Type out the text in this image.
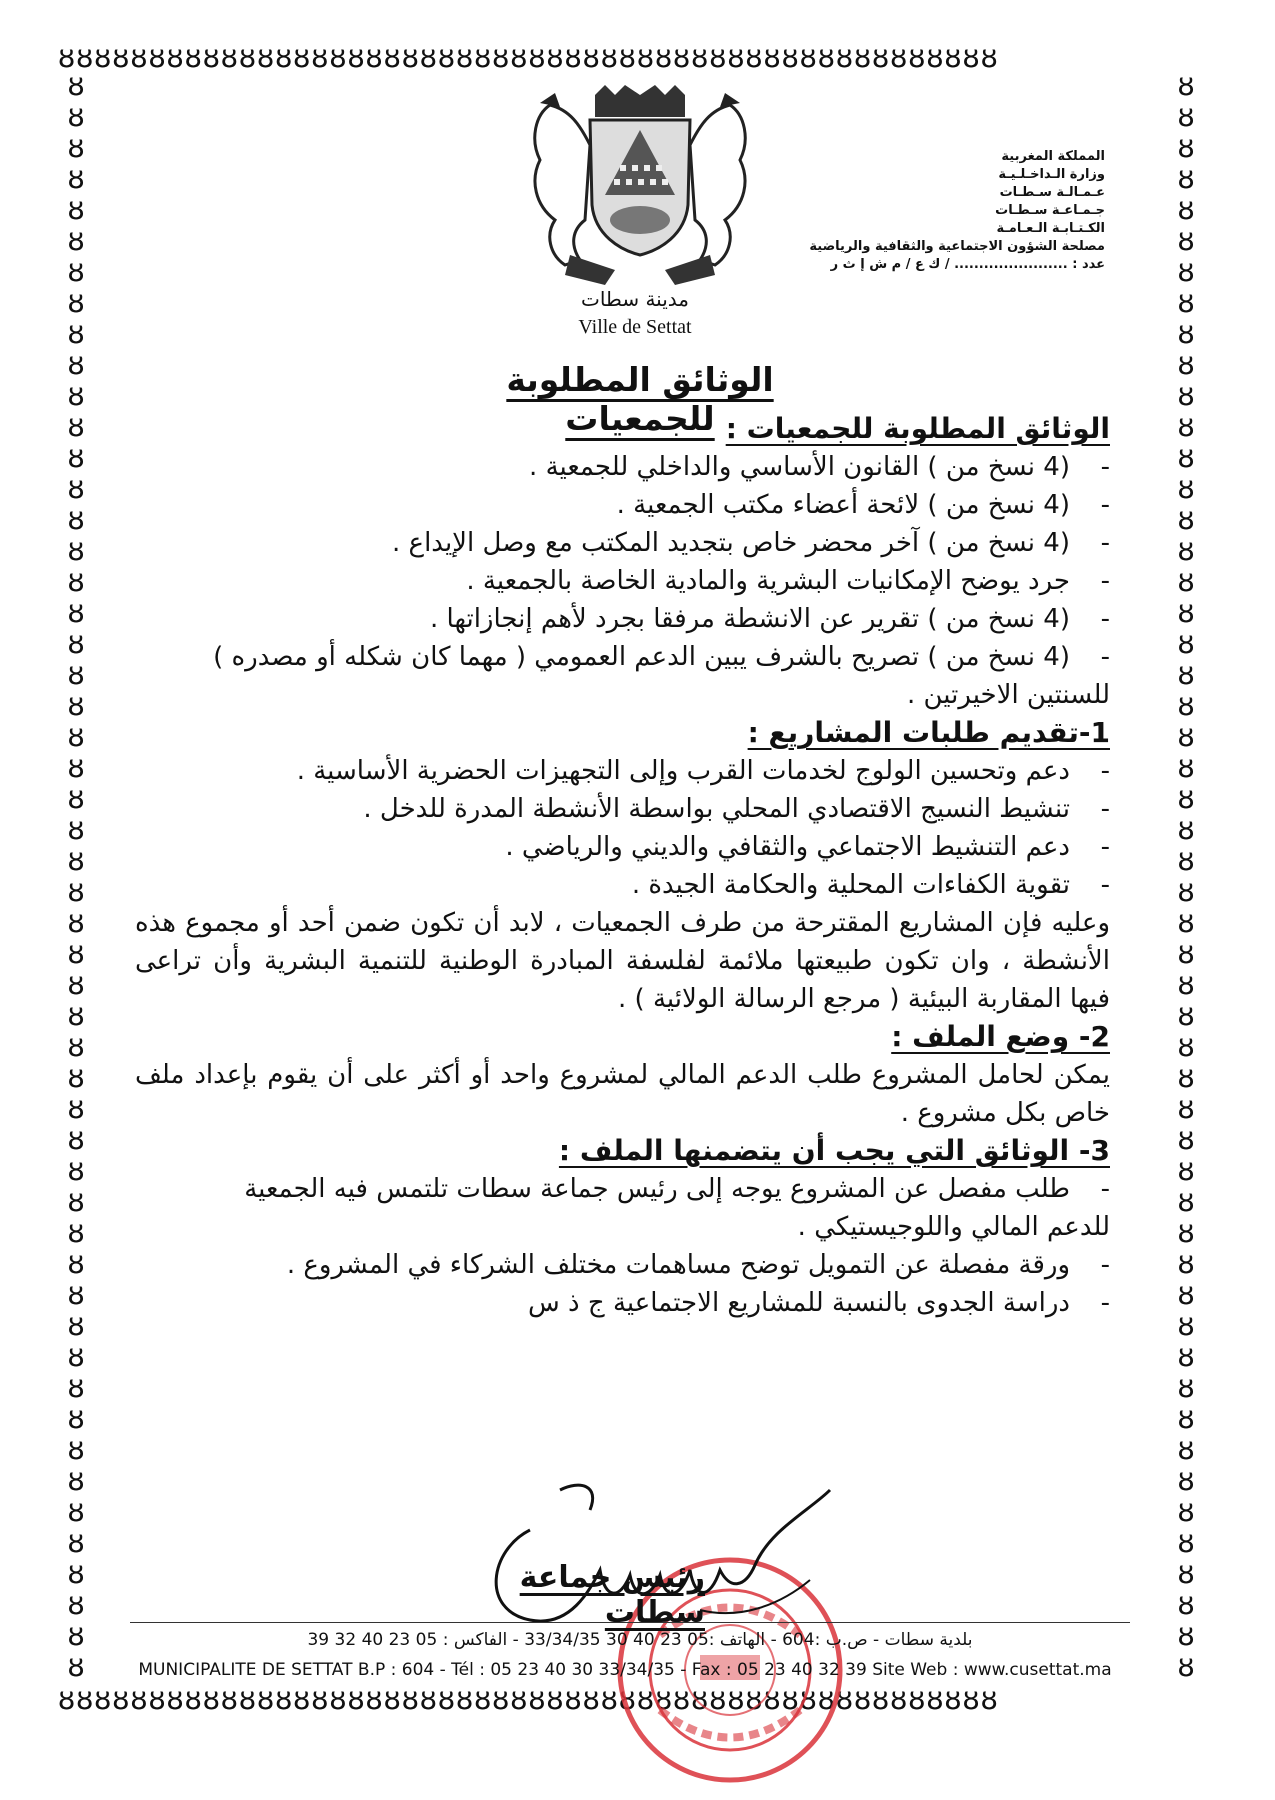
ȣȣȣȣȣȣȣȣȣȣȣȣȣȣȣȣȣȣȣȣȣȣȣȣȣȣȣȣȣȣȣȣȣȣȣȣȣȣȣȣȣȣȣȣȣȣȣȣȣȣȣȣ
ȣȣȣȣȣȣȣȣȣȣȣȣȣȣȣȣȣȣȣȣȣȣȣȣȣȣȣȣȣȣȣȣȣȣȣȣȣȣȣȣȣȣȣȣȣȣȣȣȣȣȣȣ
ȣ
ȣ
ȣ
ȣ
ȣ
ȣ
ȣ
ȣ
ȣ
ȣ
ȣ
ȣ
ȣ
ȣ
ȣ
ȣ
ȣ
ȣ
ȣ
ȣ
ȣ
ȣ
ȣ
ȣ
ȣ
ȣ
ȣ
ȣ
ȣ
ȣ
ȣ
ȣ
ȣ
ȣ
ȣ
ȣ
ȣ
ȣ
ȣ
ȣ
ȣ
ȣ
ȣ
ȣ
ȣ
ȣ
ȣ
ȣ
ȣ
ȣ
ȣ
ȣ
ȣ
ȣ
ȣ
ȣ
ȣ
ȣ
ȣ
ȣ
ȣ
ȣ
ȣ
ȣ
ȣ
ȣ
ȣ
ȣ
ȣ
ȣ
ȣ
ȣ
ȣ
ȣ
ȣ
ȣ
ȣ
ȣ
ȣ
ȣ
ȣ
ȣ
ȣ
ȣ
ȣ
ȣ
ȣ
ȣ
ȣ
ȣ
ȣ
ȣ
ȣ
ȣ
ȣ
ȣ
ȣ
ȣ
ȣ
ȣ
ȣ
ȣ
ȣ
ȣ
المملكة المغربية
وزارة الـداخـلـيـة
عـمـالـة سـطـات
جـمـاعـة سـطـات
الكـتـابـة الـعـامـة
مصلحة الشؤون الاجتماعية والثقافية والرياضية
عدد : ....................... / ك ع / م ش إ ث ر
مدينة سطات
Ville de Settat
الوثائق المطلوبة للجمعيات الوثائق المطلوبة للجمعيات :
- (4 نسخ من ) القانون الأساسي والداخلي للجمعية .
- (4 نسخ من ) لائحة أعضاء مكتب الجمعية .
- (4 نسخ من ) آخر محضر خاص بتجديد المكتب مع وصل الإيداع .
- جرد يوضح الإمكانيات البشرية والمادية الخاصة بالجمعية .
- (4 نسخ من ) تقرير عن الانشطة مرفقا بجرد لأهم إنجازاتها .
- (4 نسخ من ) تصريح بالشرف يبين الدعم العمومي ( مهما كان شكله أو مصدره )
للسنتين الاخيرتين .
1-تقديم طلبات المشاريع :
- دعم وتحسين الولوج لخدمات القرب وإلى التجهيزات الحضرية الأساسية .
- تنشيط النسيج الاقتصادي المحلي بواسطة الأنشطة المدرة للدخل .
- دعم التنشيط الاجتماعي والثقافي والديني والرياضي .
- تقوية الكفاءات المحلية والحكامة الجيدة .
وعليه فإن المشاريع المقترحة من طرف الجمعيات ، لابد أن تكون ضمن أحد أو مجموع هذه الأنشطة ، وان تكون طبيعتها ملائمة لفلسفة المبادرة الوطنية للتنمية البشرية وأن تراعى فيها المقاربة البيئية ( مرجع الرسالة الولائية ) .
2- وضع الملف :
يمكن لحامل المشروع طلب الدعم المالي لمشروع واحد أو أكثر على أن يقوم بإعداد ملف خاص بكل مشروع .
3- الوثائق التي يجب أن يتضمنها الملف :
- طلب مفصل عن المشروع يوجه إلى رئيس جماعة سطات تلتمس فيه الجمعية
للدعم المالي واللوجيستيكي .
- ورقة مفصلة عن التمويل توضح مساهمات مختلف الشركاء في المشروع .
- دراسة الجدوى بالنسبة للمشاريع الاجتماعية ج ذ س
رئيس جماعة سطات
بلدية سطات - ص.ب :604 - الهاتف :05 23 40 30 33/34/35 - الفاكس : 05 23 40 32 39
MUNICIPALITE DE SETTAT B.P : 604 - Tél : 05 23 40 30 33/34/35 - Fax : 05 23 40 32 39 Site Web : www.cusettat.ma
